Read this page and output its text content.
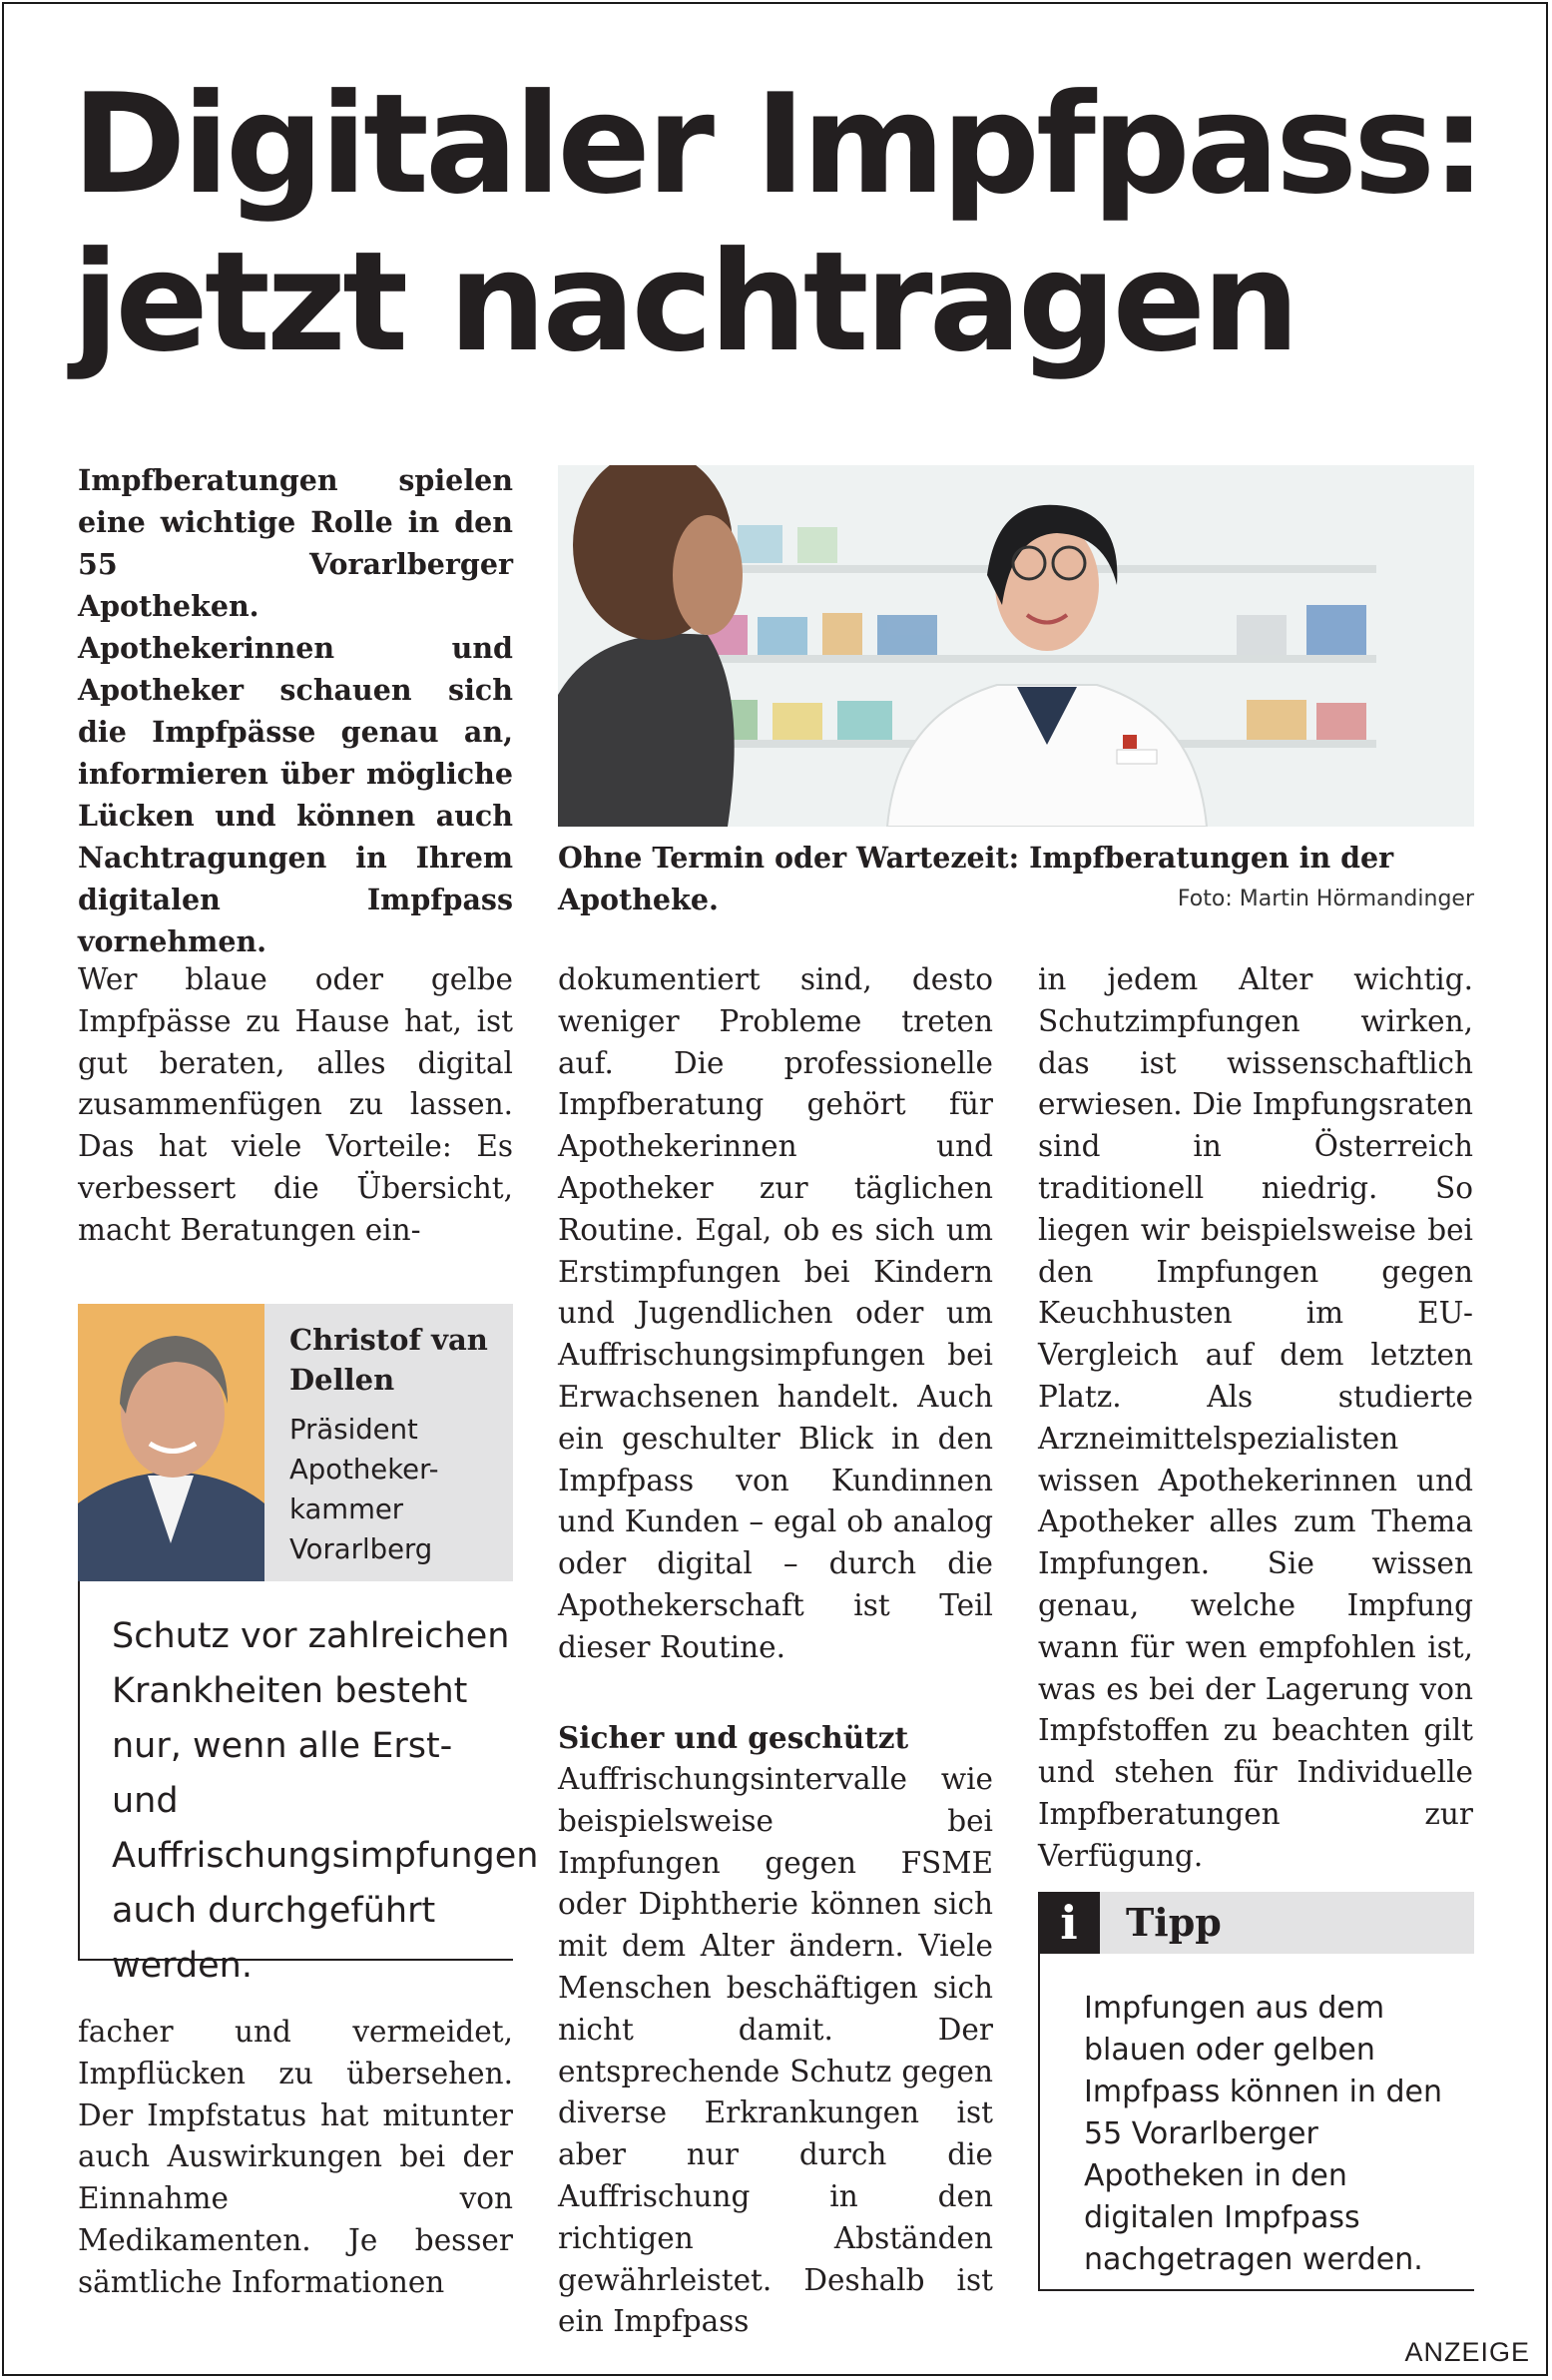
Digitaler Impfpass:
jetzt nachtragen

Impfberatungen spielen eine wichtige Rolle in den 55 Vorarlberger Apotheken. Apothekerinnen und Apotheker schauen sich die Impfpässe genau an, informieren über mögliche Lücken und können auch Nachtragungen in Ihrem digitalen Impfpass vornehmen.

Ohne Termin oder Wartezeit: Impfberatungen in der Apotheke.	Foto: Martin Hörmandinger

Wer blaue oder gelbe Impfpässe zu Hause hat, ist gut beraten, alles digital zusammenfügen zu lassen. Das hat viele Vorteile: Es verbessert die Übersicht, macht Beratungen ein-

Christof van Dellen
Präsident
Apotheker-
kammer
Vorarlberg

Schutz vor zahlreichen Krankheiten besteht nur, wenn alle Erst- und Auffrischungsimpfungen auch durchgeführt werden.

facher und vermeidet, Impflücken zu übersehen. Der Impfstatus hat mitunter auch Auswirkungen bei der Einnahme von Medikamenten. Je besser sämtliche Informationen

dokumentiert sind, desto weniger Probleme treten auf. Die professionelle Impfberatung gehört für Apothekerinnen und Apotheker zur täglichen Routine. Egal, ob es sich um Erstimpfungen bei Kindern und Jugendlichen oder um Auffrischungsimpfungen bei Erwachsenen handelt. Auch ein geschulter Blick in den Impfpass von Kundinnen und Kunden – egal ob analog oder digital – durch die Apothekerschaft ist Teil dieser Routine.

Sicher und geschützt

Auffrischungsintervalle wie beispielsweise bei Impfungen gegen FSME oder Diphtherie können sich mit dem Alter ändern. Viele Menschen beschäftigen sich nicht damit. Der entsprechende Schutz gegen diverse Erkrankungen ist aber nur durch die Auffrischung in den richtigen Abständen gewährleistet. Deshalb ist ein Impfpass

in jedem Alter wichtig. Schutzimpfungen wirken, das ist wissenschaftlich erwiesen. Die Impfungsraten sind in Österreich traditionell niedrig. So liegen wir beispielsweise bei den Impfungen gegen Keuchhusten im EU-Vergleich auf dem letzten Platz. Als studierte Arzneimittelspezialisten wissen Apothekerinnen und Apotheker alles zum Thema Impfungen. Sie wissen genau, welche Impfung wann für wen empfohlen ist, was es bei der Lagerung von Impfstoffen zu beachten gilt und stehen für Individuelle Impfberatungen zur Verfügung.

i	Tipp

Impfungen aus dem blauen oder gelben Impfpass können in den 55 Vorarlberger Apotheken in den digitalen Impfpass nachgetragen werden.

ANZEIGE
